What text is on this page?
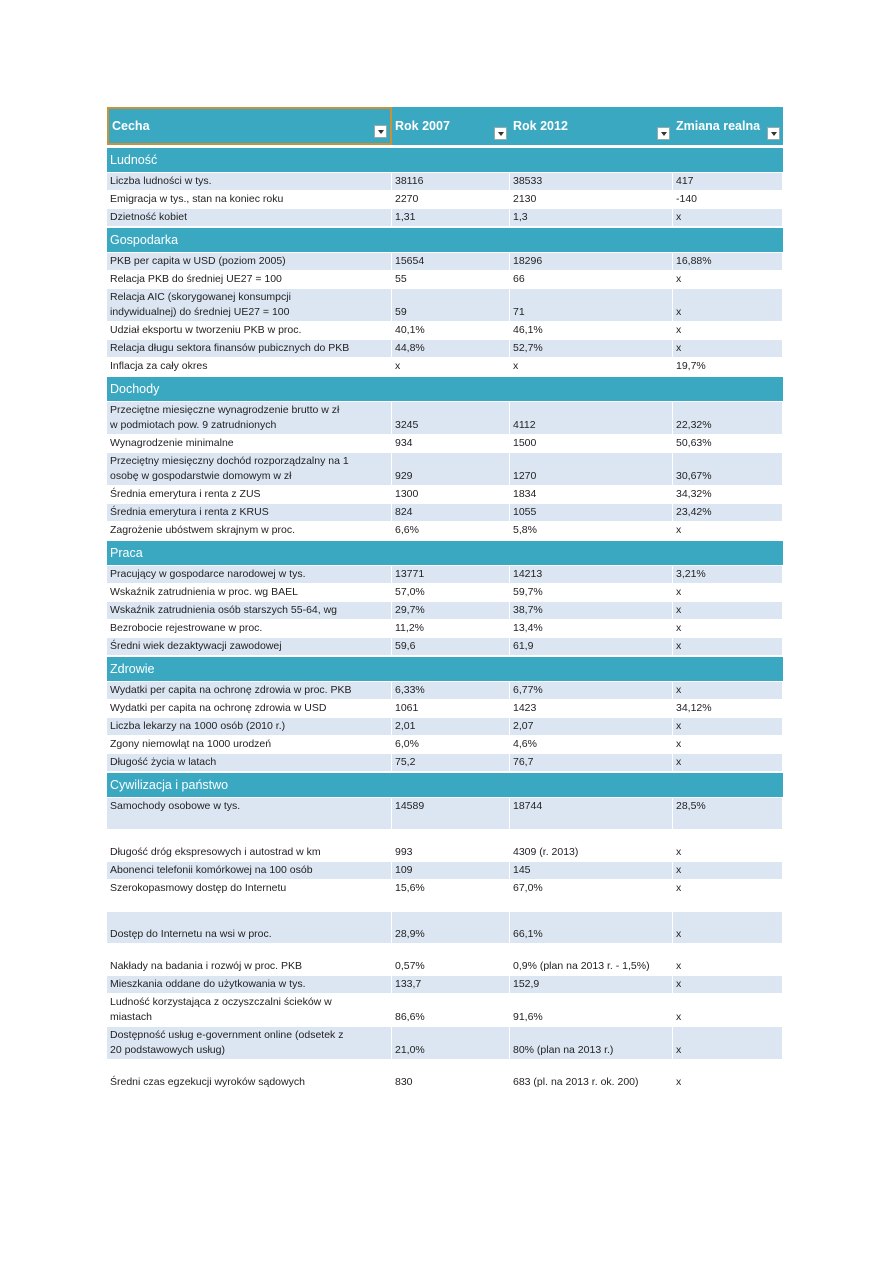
Cecha	Rok 2007	Rok 2012	Zmiana realna
Ludność
Liczba ludności w tys.	38116	38533	417
Emigracja w tys., stan na koniec roku	2270	2130	-140
Dzietność kobiet	1,31	1,3	x
Gospodarka
PKB per capita w USD (poziom 2005)	15654	18296	16,88%
Relacja PKB do średniej UE27 = 100	55	66	x
Relacja AIC (skorygowanej konsumpcji
indywidualnej) do średniej UE27 = 100	59	71	x
Udział eksportu w tworzeniu PKB w proc.	40,1%	46,1%	x
Relacja długu sektora finansów pubicznych do PKB	44,8%	52,7%	x
Inflacja za cały okres	x	x	19,7%
Dochody
Przeciętne miesięczne wynagrodzenie brutto w zł
w podmiotach pow. 9 zatrudnionych	3245	4112	22,32%
Wynagrodzenie minimalne	934	1500	50,63%
Przeciętny miesięczny dochód rozporządzalny na 1
osobę w gospodarstwie domowym w zł	929	1270	30,67%
Średnia emerytura i renta z ZUS	1300	1834	34,32%
Średnia emerytura i renta z KRUS	824	1055	23,42%
Zagrożenie ubóstwem skrajnym w proc.	6,6%	5,8%	x
Praca
Pracujący w gospodarce narodowej w tys.	13771	14213	3,21%
Wskaźnik zatrudnienia w proc. wg BAEL	57,0%	59,7%	x
Wskaźnik zatrudnienia osób starszych 55-64, wg	29,7%	38,7%	x
Bezrobocie rejestrowane w proc.	11,2%	13,4%	x
Średni wiek dezaktywacji zawodowej	59,6	61,9	x
Zdrowie
Wydatki per capita na ochronę zdrowia w proc. PKB	6,33%	6,77%	x
Wydatki per capita na ochronę zdrowia w USD	1061	1423	34,12%
Liczba lekarzy na 1000 osób (2010 r.)	2,01	2,07	x
Zgony niemowląt na 1000 urodzeń	6,0%	4,6%	x
Długość życia w latach	75,2	76,7	x
Cywilizacja i państwo
Samochody osobowe w tys.	14589	18744	28,5%
Długość dróg ekspresowych i autostrad w km	993	4309 (r. 2013)	x
Abonenci telefonii komórkowej na 100 osób	109	145	x
Szerokopasmowy dostęp do Internetu	15,6%	67,0%	x
Dostęp do Internetu na wsi w proc.	28,9%	66,1%	x
Nakłady na badania i rozwój w proc. PKB	0,57%	0,9% (plan na 2013 r. - 1,5%)	x
Mieszkania oddane do użytkowania w tys.	133,7	152,9	x
Ludność korzystająca z oczyszczalni ścieków w
miastach	86,6%	91,6%	x
Dostępność usług e-government online (odsetek z
20 podstawowych usług)	21,0%	80% (plan na 2013 r.)	x
Średni czas egzekucji wyroków sądowych	830	683 (pl. na 2013 r. ok. 200)	x
